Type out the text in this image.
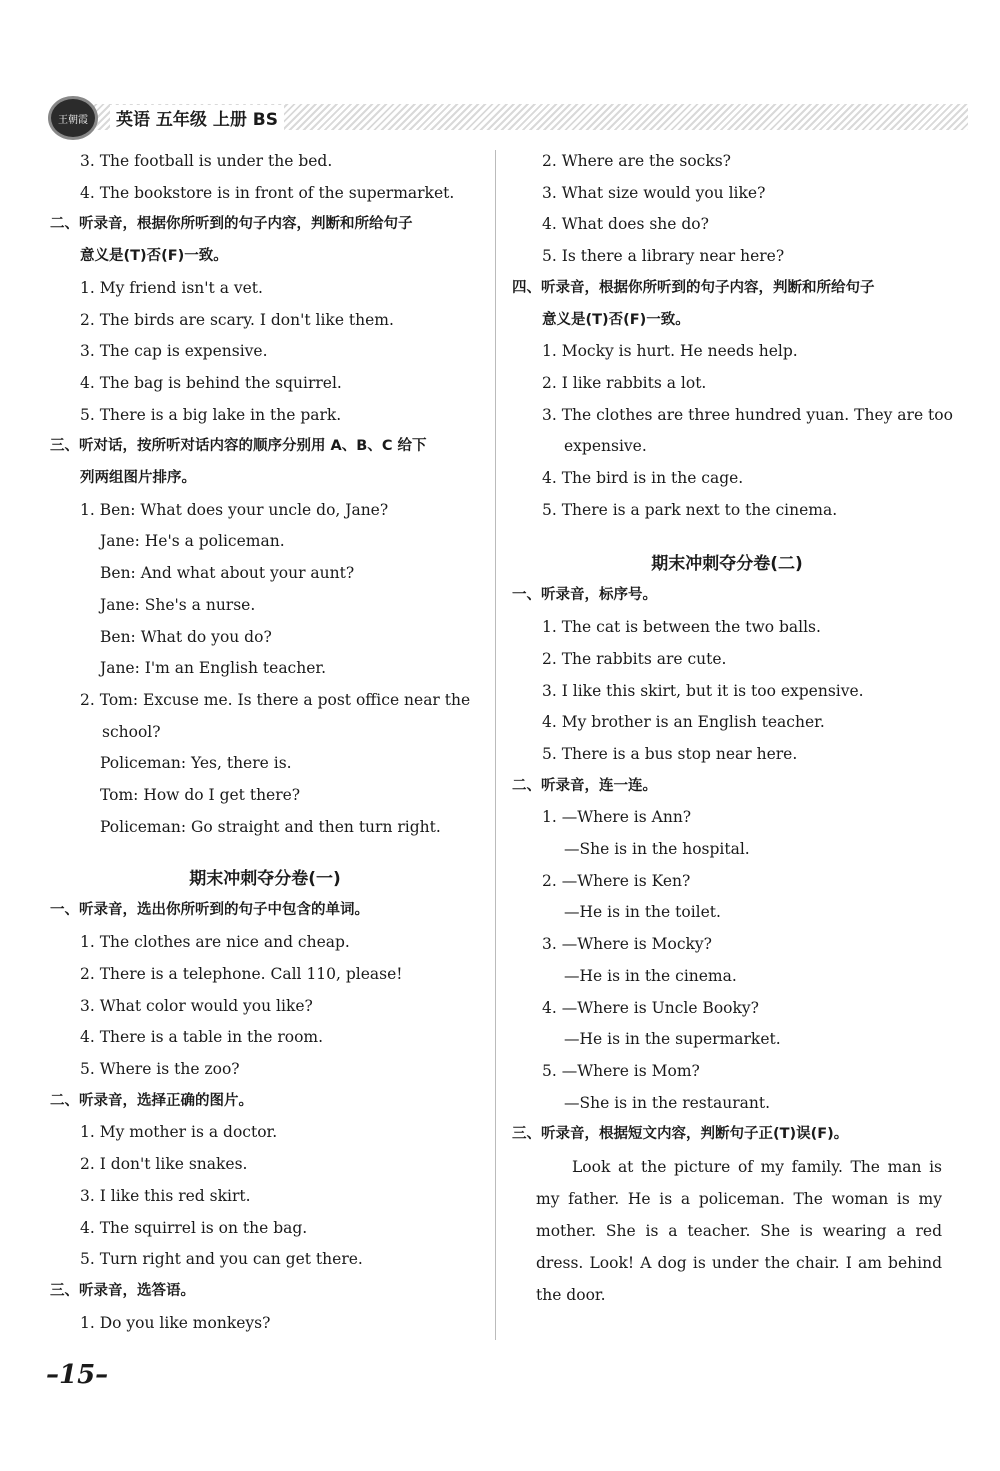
王朝霞	英语 五年级 上册 BS
3. The football is under the bed.
4. The bookstore is in front of the supermarket.
二、听录音，根据你所听到的句子内容，判断和所给句子
意义是(T)否(F)一致。
1. My friend isn't a vet.
2. The birds are scary. I don't like them.
3. The cap is expensive.
4. The bag is behind the squirrel.
5. There is a big lake in the park.
三、听对话，按所听对话内容的顺序分别用 A、B、C 给下
列两组图片排序。
1. Ben: What does your uncle do, Jane?
Jane: He's a policeman.
Ben: And what about your aunt?
Jane: She's a nurse.
Ben: What do you do?
Jane: I'm an English teacher.
2. Tom: Excuse me. Is there a post office near the
school?
Policeman: Yes, there is.
Tom: How do I get there?
Policeman: Go straight and then turn right.
期末冲刺夺分卷(一)
一、听录音，选出你所听到的句子中包含的单词。
1. The clothes are nice and cheap.
2. There is a telephone. Call 110, please!
3. What color would you like?
4. There is a table in the room.
5. Where is the zoo?
二、听录音，选择正确的图片。
1. My mother is a doctor.
2. I don't like snakes.
3. I like this red skirt.
4. The squirrel is on the bag.
5. Turn right and you can get there.
三、听录音，选答语。
1. Do you like monkeys?
2. Where are the socks?
3. What size would you like?
4. What does she do?
5. Is there a library near here?
四、听录音，根据你所听到的句子内容，判断和所给句子
意义是(T)否(F)一致。
1. Mocky is hurt. He needs help.
2. I like rabbits a lot.
3. The clothes are three hundred yuan. They are too
expensive.
4. The bird is in the cage.
5. There is a park next to the cinema.
期末冲刺夺分卷(二)
一、听录音，标序号。
1. The cat is between the two balls.
2. The rabbits are cute.
3. I like this skirt, but it is too expensive.
4. My brother is an English teacher.
5. There is a bus stop near here.
二、听录音，连一连。
1. —Where is Ann?
—She is in the hospital.
2. —Where is Ken?
—He is in the toilet.
3. —Where is Mocky?
—He is in the cinema.
4. —Where is Uncle Booky?
—He is in the supermarket.
5. —Where is Mom?
—She is in the restaurant.
三、听录音，根据短文内容，判断句子正(T)误(F)。
Look at the picture of my family. The man is my father. He is a policeman. The woman is my mother. She is a teacher. She is wearing a red dress. Look! A dog is under the chair. I am behind the door.
–15–
